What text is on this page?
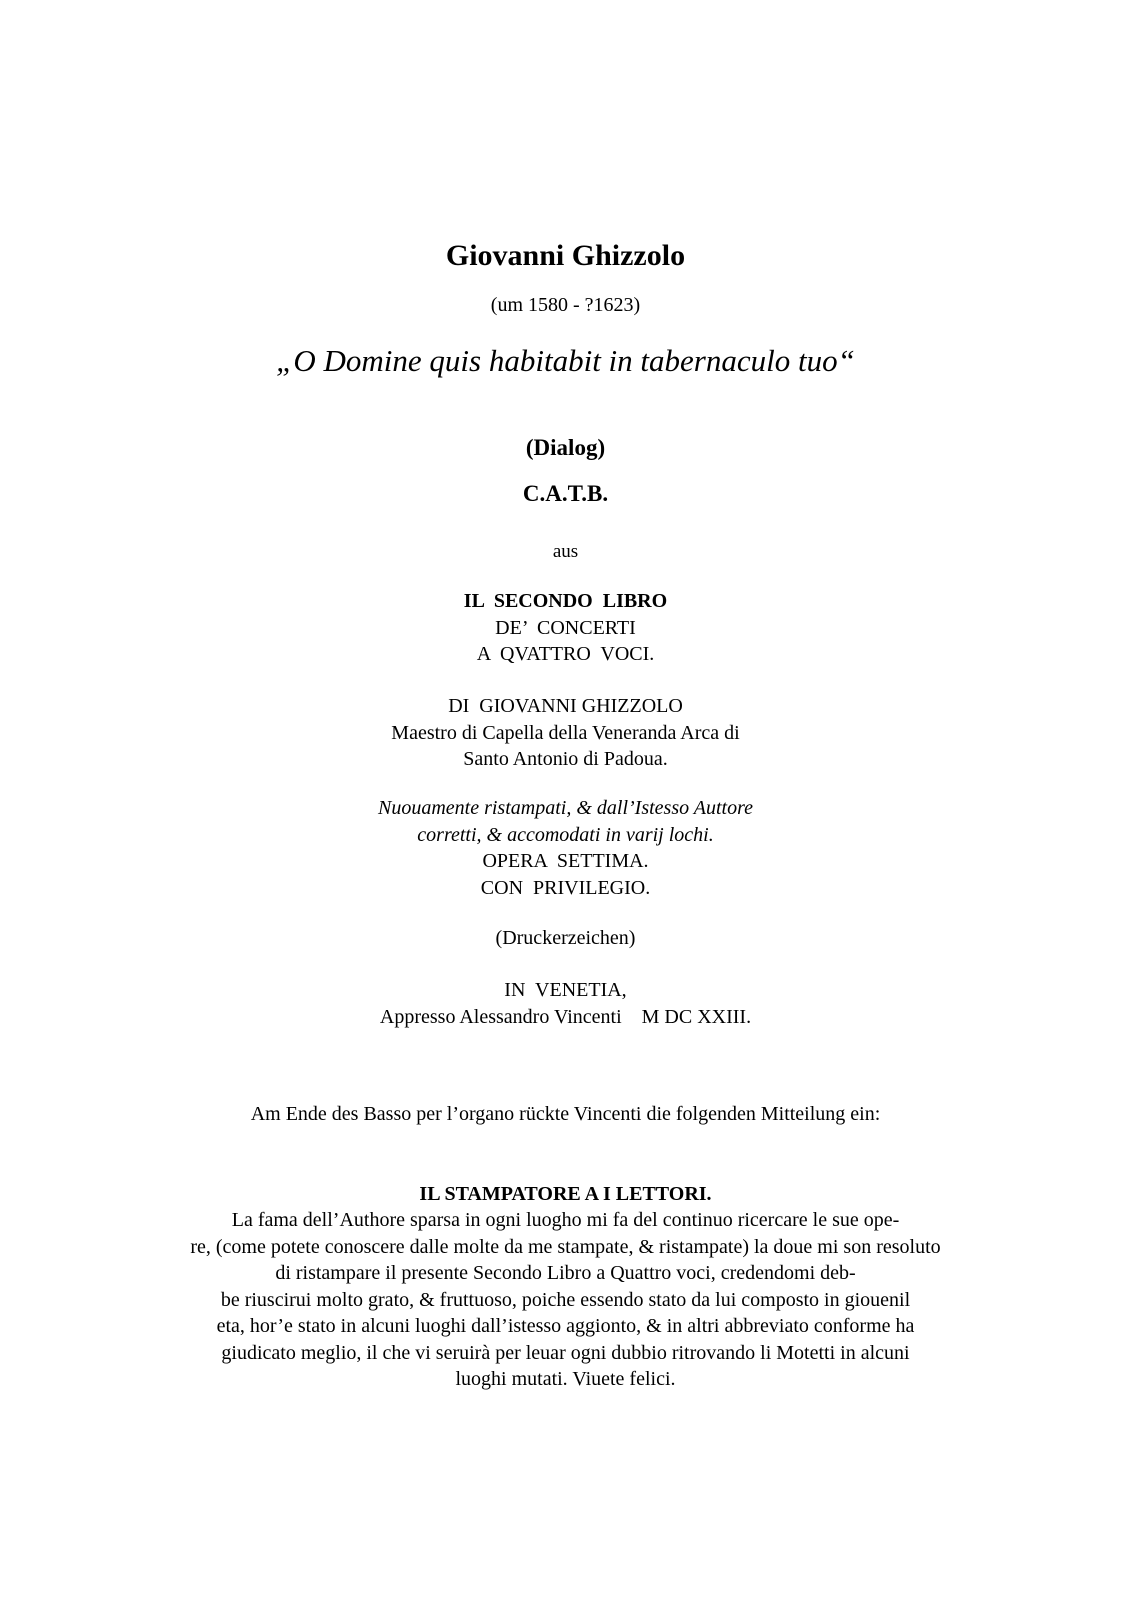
Giovanni Ghizzolo
(um 1580 - ?1623)
„O Domine quis habitabit in tabernaculo tuo“
(Dialog)
C.A.T.B.
aus
IL  SECONDO  LIBRO
DE’  CONCERTI
A  QVATTRO  VOCI.
DI  GIOVANNI GHIZZOLO
Maestro di Capella della Veneranda Arca di
Santo Antonio di Padoua.
Nuouamente ristampati, & dall’Istesso Auttore
corretti, & accomodati in varij lochi.
OPERA  SETTIMA.
CON  PRIVILEGIO.
(Druckerzeichen)
IN  VENETIA,
Appresso Alessandro Vincenti    M DC XXIII.
Am Ende des Basso per l’organo rückte Vincenti die folgenden Mitteilung ein:
IL STAMPATORE A I LETTORI.
La fama dell’Authore sparsa in ogni luogho mi fa del continuo ricercare le sue ope-
re, (come potete conoscere dalle molte da me stampate, & ristampate) la doue mi son resoluto
di ristampare il presente Secondo Libro a Quattro voci, credendomi deb-
be riuscirui molto grato, & fruttuoso, poiche essendo stato da lui composto in giouenil
eta, hor’e stato in alcuni luoghi dall’istesso aggionto, & in altri abbreviato conforme ha
giudicato meglio, il che vi seruirà per leuar ogni dubbio ritrovando li Motetti in alcuni
luoghi mutati. Viuete felici.
